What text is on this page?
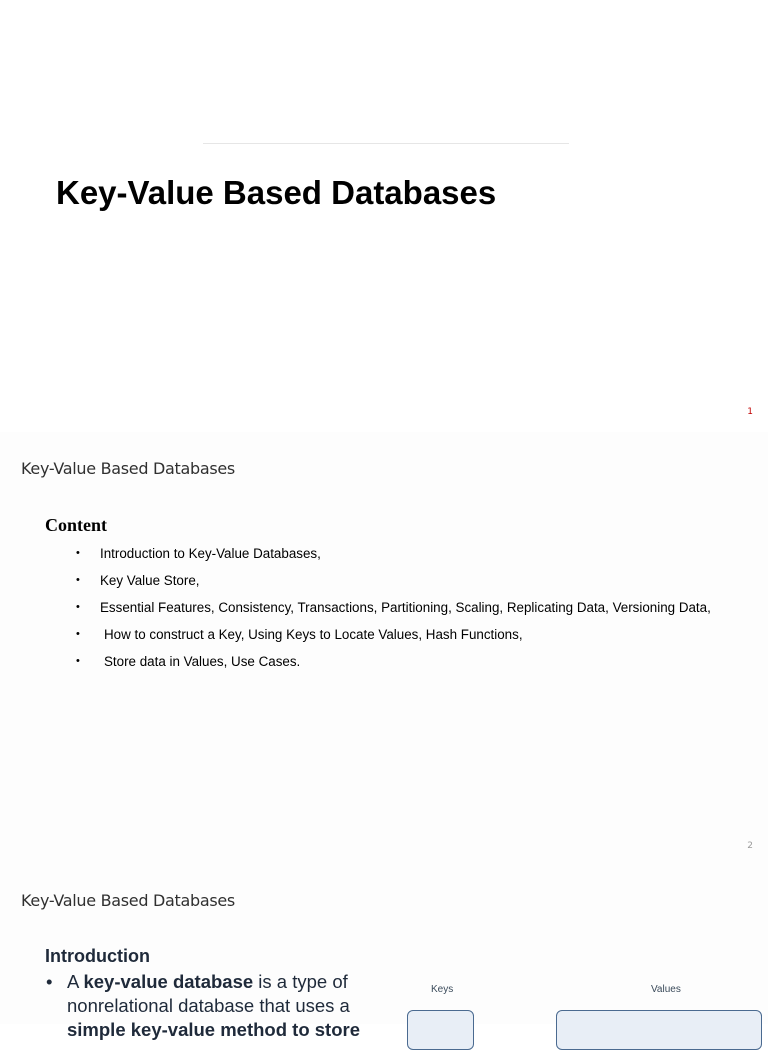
Key-Value Based Databases
1
Key-Value Based Databases
Content
• Introduction to Key-Value Databases,
• Key Value Store,
• Essential Features, Consistency, Transactions, Partitioning, Scaling, Replicating Data, Versioning Data,
• How to construct a Key, Using Keys to Locate Values, Hash Functions,
• Store data in Values, Use Cases.
2
Key-Value Based Databases
Introduction
• A key-value database is a type of nonrelational database that uses a
simple key-value method to store
Keys	Values
